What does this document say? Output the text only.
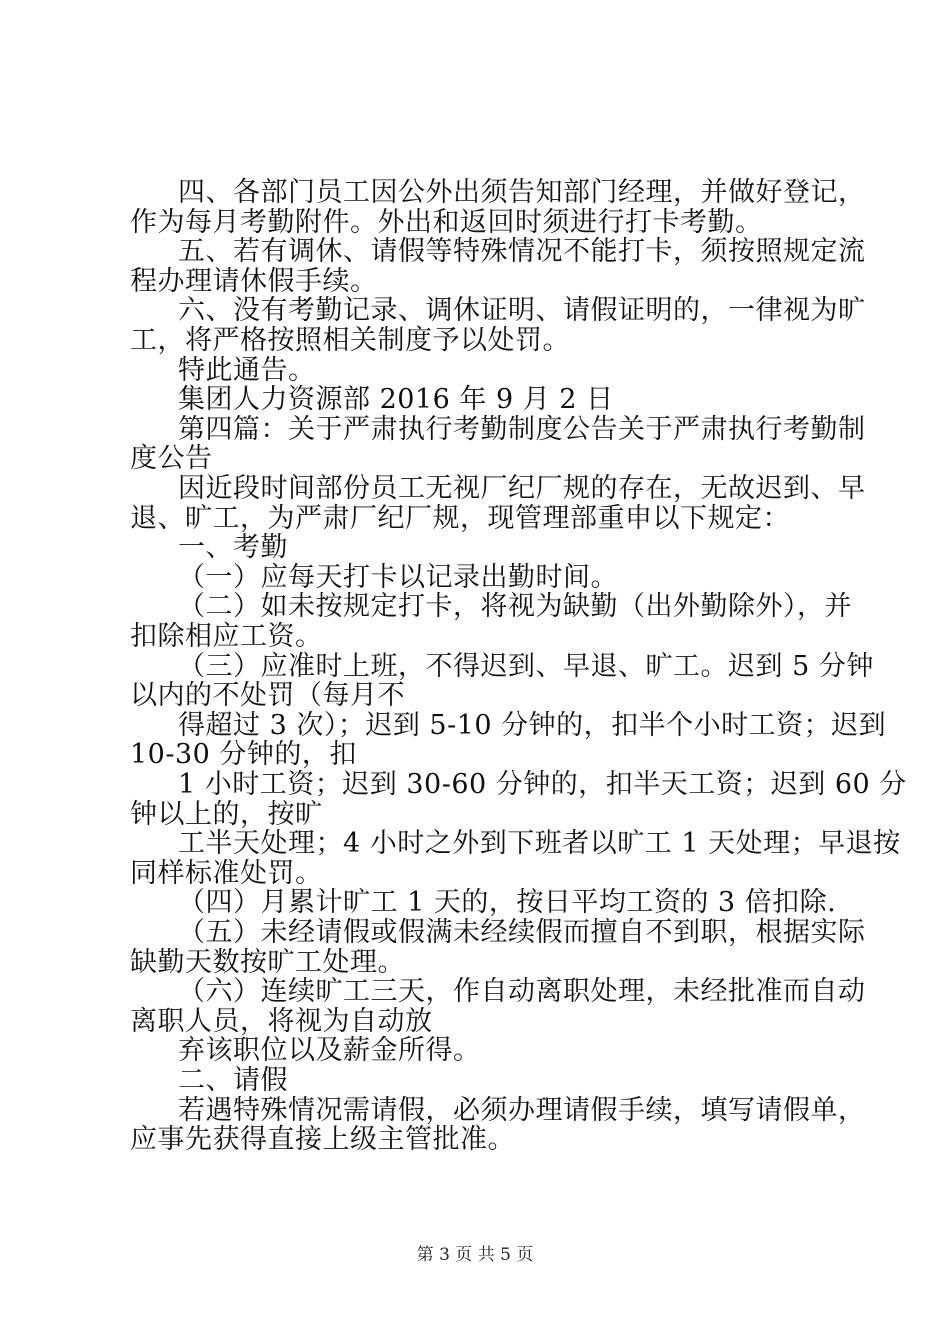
四、各部门员工因公外出须告知部门经理，并做好登记，
作为每月考勤附件。外出和返回时须进行打卡考勤。
五、若有调休、请假等特殊情况不能打卡，须按照规定流
程办理请休假手续。
六、没有考勤记录、调休证明、请假证明的，一律视为旷
工，将严格按照相关制度予以处罚。
特此通告。
集团人力资源部 2016 年 9 月 2 日
第四篇：关于严肃执行考勤制度公告关于严肃执行考勤制
度公告
因近段时间部份员工无视厂纪厂规的存在，无故迟到、早
退、旷工，为严肃厂纪厂规，现管理部重申以下规定：
一、考勤
（一）应每天打卡以记录出勤时间。
（二）如未按规定打卡，将视为缺勤（出外勤除外），并
扣除相应工资。
（三）应准时上班，不得迟到、早退、旷工。迟到 5 分钟
以内的不处罚（每月不
得超过 3 次）；迟到 5-10 分钟的，扣半个小时工资；迟到
10-30 分钟的，扣
1 小时工资；迟到 30-60 分钟的，扣半天工资；迟到 60 分
钟以上的，按旷
工半天处理；4 小时之外到下班者以旷工 1 天处理；早退按
同样标准处罚。
（四）月累计旷工 1 天的，按日平均工资的 3 倍扣除.
（五）未经请假或假满未经续假而擅自不到职，根据实际
缺勤天数按旷工处理。
（六）连续旷工三天，作自动离职处理，未经批准而自动
离职人员，将视为自动放
弃该职位以及薪金所得。
二、请假
若遇特殊情况需请假，必须办理请假手续，填写请假单，
应事先获得直接上级主管批准。
第 3 页 共 5 页
